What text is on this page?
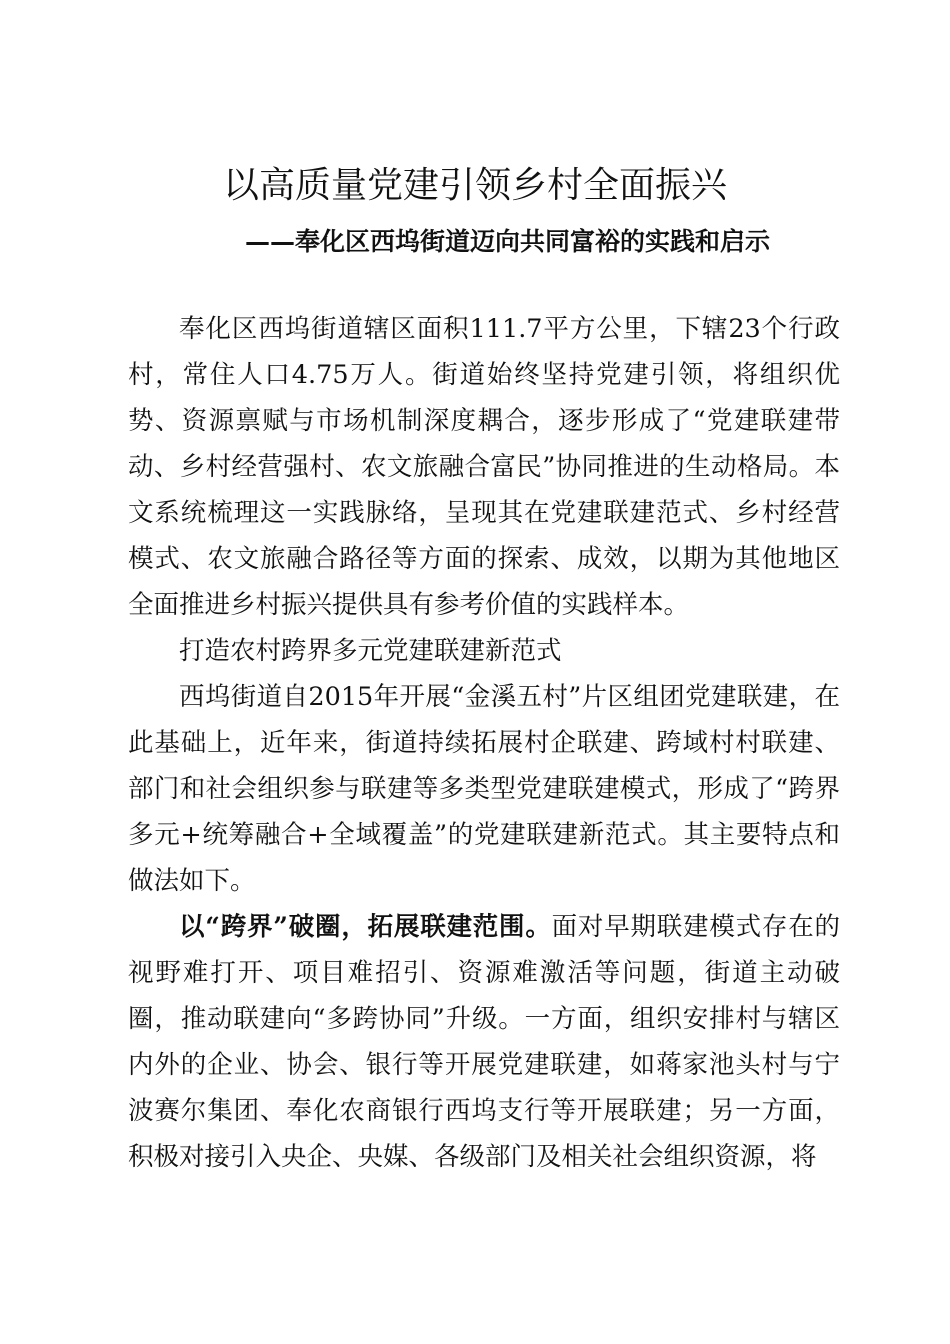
以高质量党建引领乡村全面振兴
——奉化区西坞街道迈向共同富裕的实践和启示

奉化区西坞街道辖区面积111.7平方公里，下辖23个行政村，常住人口4.75万人。街道始终坚持党建引领，将组织优势、资源禀赋与市场机制深度耦合，逐步形成了“党建联建带动、乡村经营强村、农文旅融合富民”协同推进的生动格局。本文系统梳理这一实践脉络，呈现其在党建联建范式、乡村经营模式、农文旅融合路径等方面的探索、成效，以期为其他地区全面推进乡村振兴提供具有参考价值的实践样本。

打造农村跨界多元党建联建新范式

西坞街道自2015年开展“金溪五村”片区组团党建联建，在此基础上，近年来，街道持续拓展村企联建、跨域村村联建、部门和社会组织参与联建等多类型党建联建模式，形成了“跨界多元+统筹融合+全域覆盖”的党建联建新范式。其主要特点和做法如下。

以“跨界”破圈，拓展联建范围。面对早期联建模式存在的视野难打开、项目难招引、资源难激活等问题，街道主动破圈，推动联建向“多跨协同”升级。一方面，组织安排村与辖区内外的企业、协会、银行等开展党建联建，如蒋家池头村与宁波赛尔集团、奉化农商银行西坞支行等开展联建；另一方面，积极对接引入央企、央媒、各级部门及相关社会组织资源，将
